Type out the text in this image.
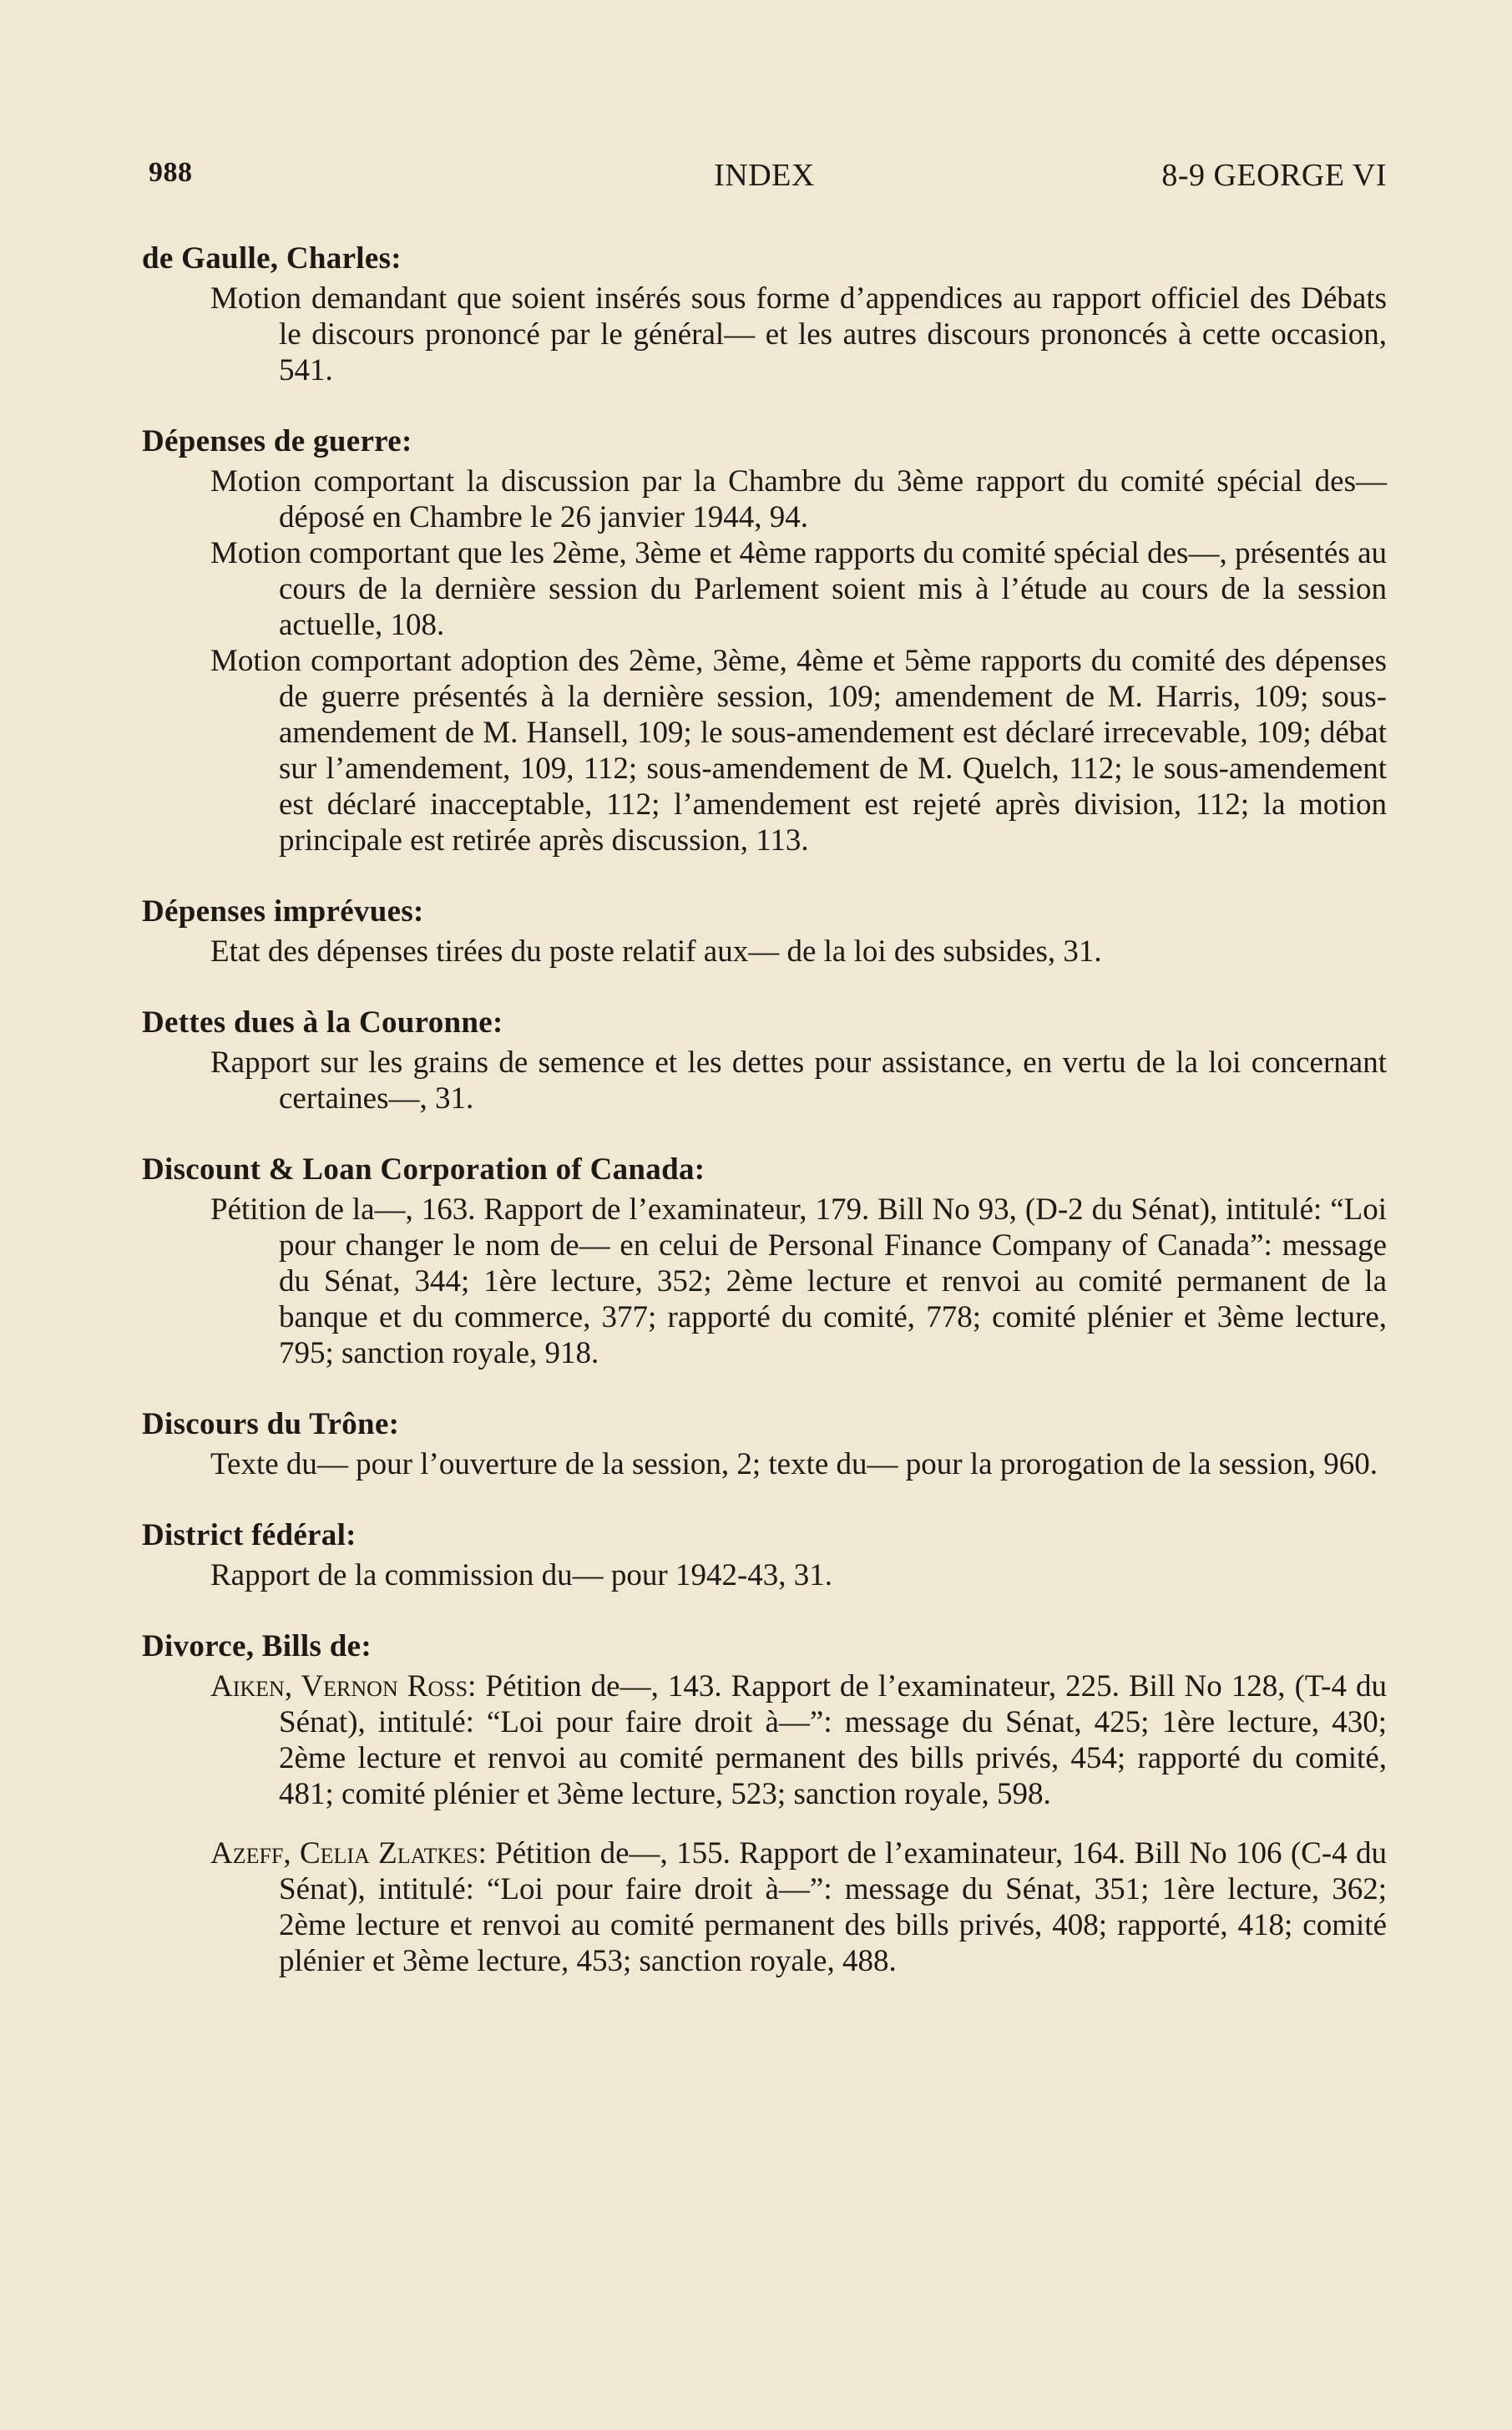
988	INDEX	8-9 GEORGE VI
de Gaulle, Charles:
Motion demandant que soient insérés sous forme d’appendices au rapport officiel des Débats le discours prononcé par le général— et les autres discours prononcés à cette occasion, 541.
Dépenses de guerre:
Motion comportant la discussion par la Chambre du 3ème rapport du comité spécial des— déposé en Chambre le 26 janvier 1944, 94.
Motion comportant que les 2ème, 3ème et 4ème rapports du comité spécial des—, présentés au cours de la dernière session du Parlement soient mis à l’étude au cours de la session actuelle, 108.
Motion comportant adoption des 2ème, 3ème, 4ème et 5ème rapports du comité des dépenses de guerre présentés à la dernière session, 109; amendement de M. Harris, 109; sous-amendement de M. Hansell, 109; le sous-amendement est déclaré irrecevable, 109; débat sur l’amendement, 109, 112; sous-amendement de M. Quelch, 112; le sous-amendement est déclaré inacceptable, 112; l’amendement est rejeté après division, 112; la motion principale est retirée après discussion, 113.
Dépenses imprévues:
Etat des dépenses tirées du poste relatif aux— de la loi des subsides, 31.
Dettes dues à la Couronne:
Rapport sur les grains de semence et les dettes pour assistance, en vertu de la loi concernant certaines—, 31.
Discount & Loan Corporation of Canada:
Pétition de la—, 163. Rapport de l’examinateur, 179. Bill No 93, (D-2 du Sénat), intitulé: “Loi pour changer le nom de— en celui de Personal Finance Company of Canada”: message du Sénat, 344; 1ère lecture, 352; 2ème lecture et renvoi au comité permanent de la banque et du commerce, 377; rapporté du comité, 778; comité plénier et 3ème lecture, 795; sanction royale, 918.
Discours du Trône:
Texte du— pour l’ouverture de la session, 2; texte du— pour la prorogation de la session, 960.
District fédéral:
Rapport de la commission du— pour 1942-43, 31.
Divorce, Bills de:
Aiken, Vernon Ross: Pétition de—, 143. Rapport de l’examinateur, 225. Bill No 128, (T-4 du Sénat), intitulé: “Loi pour faire droit à—”: message du Sénat, 425; 1ère lecture, 430; 2ème lecture et renvoi au comité permanent des bills privés, 454; rapporté du comité, 481; comité plénier et 3ème lecture, 523; sanction royale, 598.
Azeff, Celia Zlatkes: Pétition de—, 155. Rapport de l’examinateur, 164. Bill No 106 (C-4 du Sénat), intitulé: “Loi pour faire droit à—”: message du Sénat, 351; 1ère lecture, 362; 2ème lecture et renvoi au comité permanent des bills privés, 408; rapporté, 418; comité plénier et 3ème lecture, 453; sanction royale, 488.
